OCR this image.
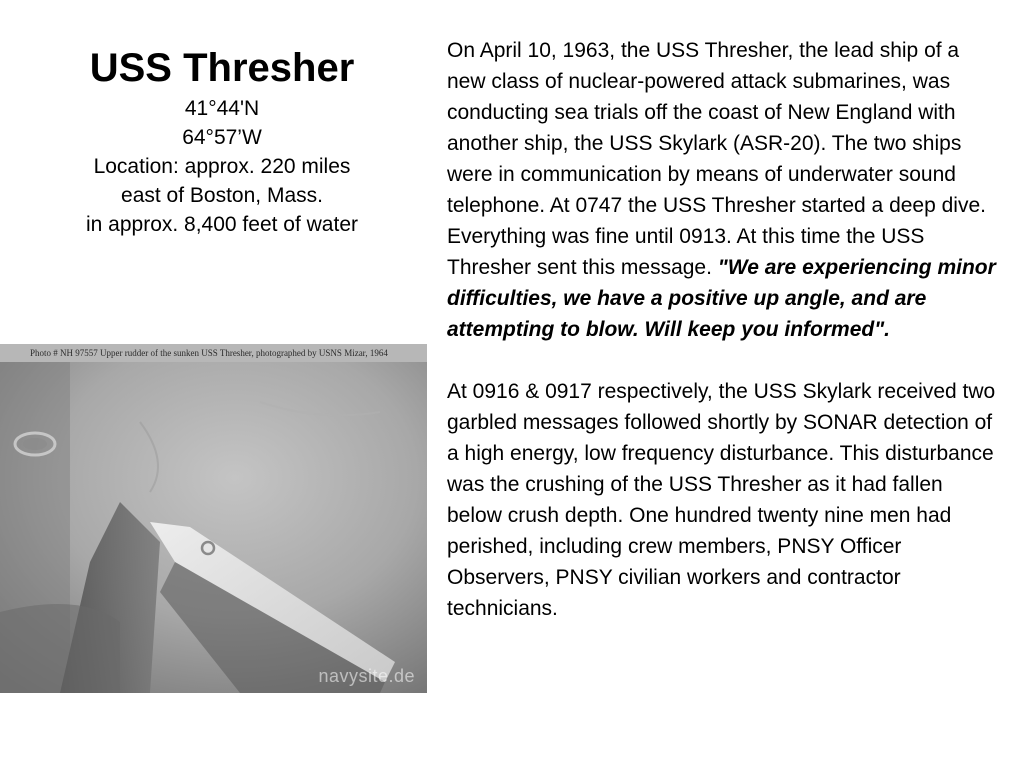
USS Thresher
41°44'N
64°57’W
Location: approx. 220 miles
east of Boston, Mass.
in approx. 8,400 feet of water
Photo # NH 97557 Upper rudder of the sunken USS Thresher, photographed by USNS Mizar, 1964
navysite.de

On April 10, 1963, the USS Thresher, the lead ship of a new class of nuclear-powered attack submarines, was conducting sea trials off the coast of New England with another ship, the USS Skylark (ASR-20). The two ships were in communication by means of underwater sound telephone. At 0747 the USS Thresher started a deep dive. Everything was fine until 0913. At this time the USS Thresher sent this message. "We are experiencing minor difficulties, we have a positive up angle, and are attempting to blow. Will keep you informed".

At 0916 & 0917 respectively, the USS Skylark received two garbled messages followed shortly by SONAR detection of a high energy, low frequency disturbance. This disturbance was the crushing of the USS Thresher as it had fallen below crush depth. One hundred twenty nine men had perished, including crew members, PNSY Officer Observers, PNSY civilian workers and contractor technicians.
